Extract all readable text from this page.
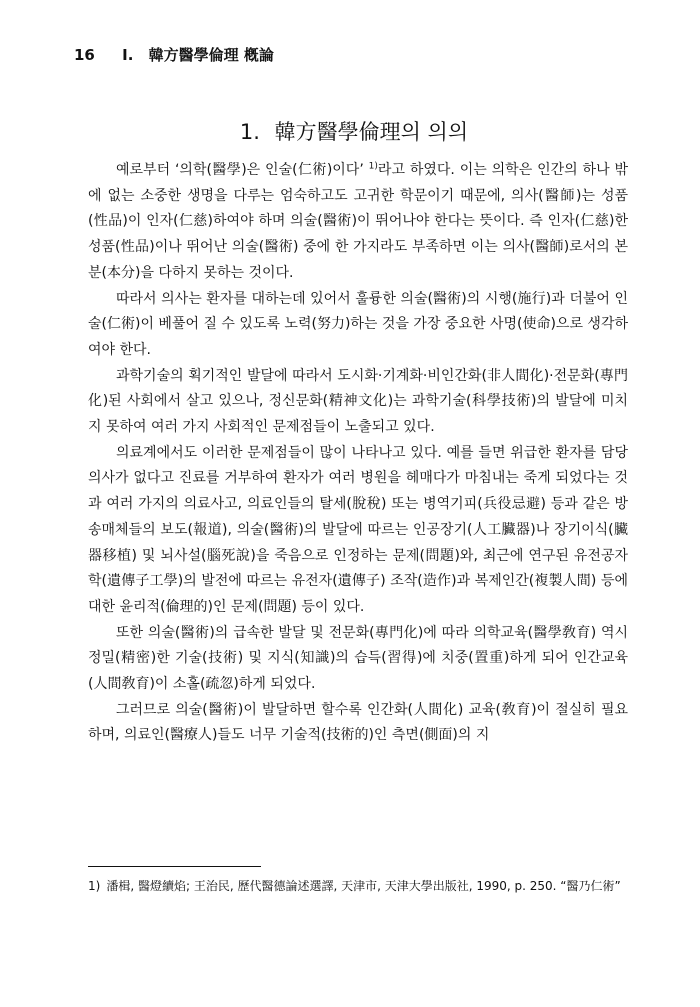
16 I. 韓方醫學倫理 槪論
1. 韓方醫學倫理의 의의

예로부터 ‘의학(醫學)은 인술(仁術)이다’ $^{1)}$라고 하였다. 이는 의학은 인간의 하나 밖에 없는 소중한 생명을 다루는 엄숙하고도 고귀한 학문이기 때문에, 의사(醫師)는 성품(性品)이 인자(仁慈)하여야 하며 의술(醫術)이 뛰어나야 한다는 뜻이다. 즉 인자(仁慈)한 성품(性品)이나 뛰어난 의술(醫術) 중에 한 가지라도 부족하면 이는 의사(醫師)로서의 본분(本分)을 다하지 못하는 것이다.

따라서 의사는 환자를 대하는데 있어서 훌륭한 의술(醫術)의 시행(施行)과 더불어 인술(仁術)이 베풀어 질 수 있도록 노력(努力)하는 것을 가장 중요한 사명(使命)으로 생각하여야 한다.

과학기술의 획기적인 발달에 따라서 도시화·기계화·비인간화(非人間化)·전문화(專門化)된 사회에서 살고 있으나, 정신문화(精神文化)는 과학기술(科學技術)의 발달에 미치지 못하여 여러 가지 사회적인 문제점들이 노출되고 있다.

의료계에서도 이러한 문제점들이 많이 나타나고 있다. 예를 들면 위급한 환자를 담당의사가 없다고 진료를 거부하여 환자가 여러 병원을 헤매다가 마침내는 죽게 되었다는 것과 여러 가지의 의료사고, 의료인들의 탈세(脫稅) 또는 병역기피(兵役忌避) 등과 같은 방송매체들의 보도(報道), 의술(醫術)의 발달에 따르는 인공장기(人工臟器)나 장기이식(臟器移植) 및 뇌사설(腦死說)을 죽음으로 인정하는 문제(問題)와, 최근에 연구된 유전공자학(遺傳子工學)의 발전에 따르는 유전자(遺傳子) 조작(造作)과 복제인간(複製人間) 등에 대한 윤리적(倫理的)인 문제(問題) 등이 있다.

또한 의술(醫術)의 급속한 발달 및 전문화(專門化)에 따라 의학교육(醫學敎育) 역시 정밀(精密)한 기술(技術) 및 지식(知識)의 습득(習得)에 치중(置重)하게 되어 인간교육(人間敎育)이 소홀(疏忽)하게 되었다.

그러므로 의술(醫術)이 발달하면 할수록 인간화(人間化) 교육(敎育)이 절실히 필요하며, 의료인(醫療人)들도 너무 기술적(技術的)인 측면(側面)의 지

1) 潘楫, 醫燈續焰; 王治民, 歷代醫德論述選譯, 天津市, 天津大學出版社, 1990, p. 250. “醫乃仁術”
